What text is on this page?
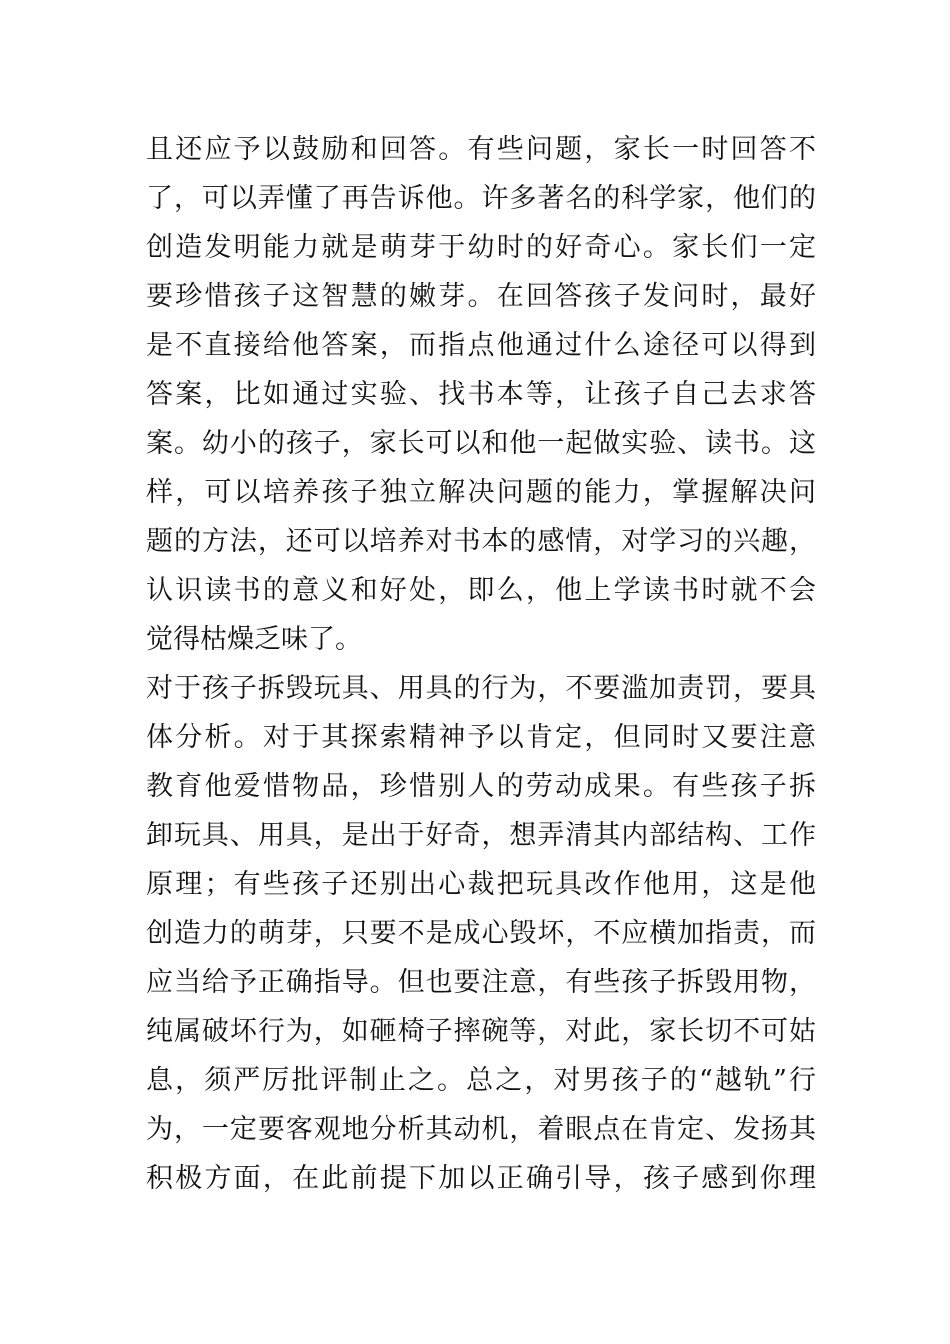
且还应予以鼓励和回答。有些问题，家长一时回答不
了，可以弄懂了再告诉他。许多著名的科学家，他们的
创造发明能力就是萌芽于幼时的好奇心。家长们一定
要珍惜孩子这智慧的嫩芽。在回答孩子发问时，最好
是不直接给他答案，而指点他通过什么途径可以得到
答案，比如通过实验、找书本等，让孩子自己去求答
案。幼小的孩子，家长可以和他一起做实验、读书。这
样，可以培养孩子独立解决问题的能力，掌握解决问
题的方法，还可以培养对书本的感情，对学习的兴趣，
认识读书的意义和好处，即么，他上学读书时就不会
觉得枯燥乏味了。
对于孩子拆毁玩具、用具的行为，不要滥加责罚，要具
体分析。对于其探索精神予以肯定，但同时又要注意
教育他爱惜物品，珍惜别人的劳动成果。有些孩子拆
卸玩具、用具，是出于好奇，想弄清其内部结构、工作
原理；有些孩子还别出心裁把玩具改作他用，这是他
创造力的萌芽，只要不是成心毁坏，不应横加指责，而
应当给予正确指导。但也要注意，有些孩子拆毁用物，
纯属破坏行为，如砸椅子摔碗等，对此，家长切不可姑
息，须严厉批评制止之。总之，对男孩子的“越轨”行
为，一定要客观地分析其动机，着眼点在肯定、发扬其
积极方面，在此前提下加以正确引导，孩子感到你理
